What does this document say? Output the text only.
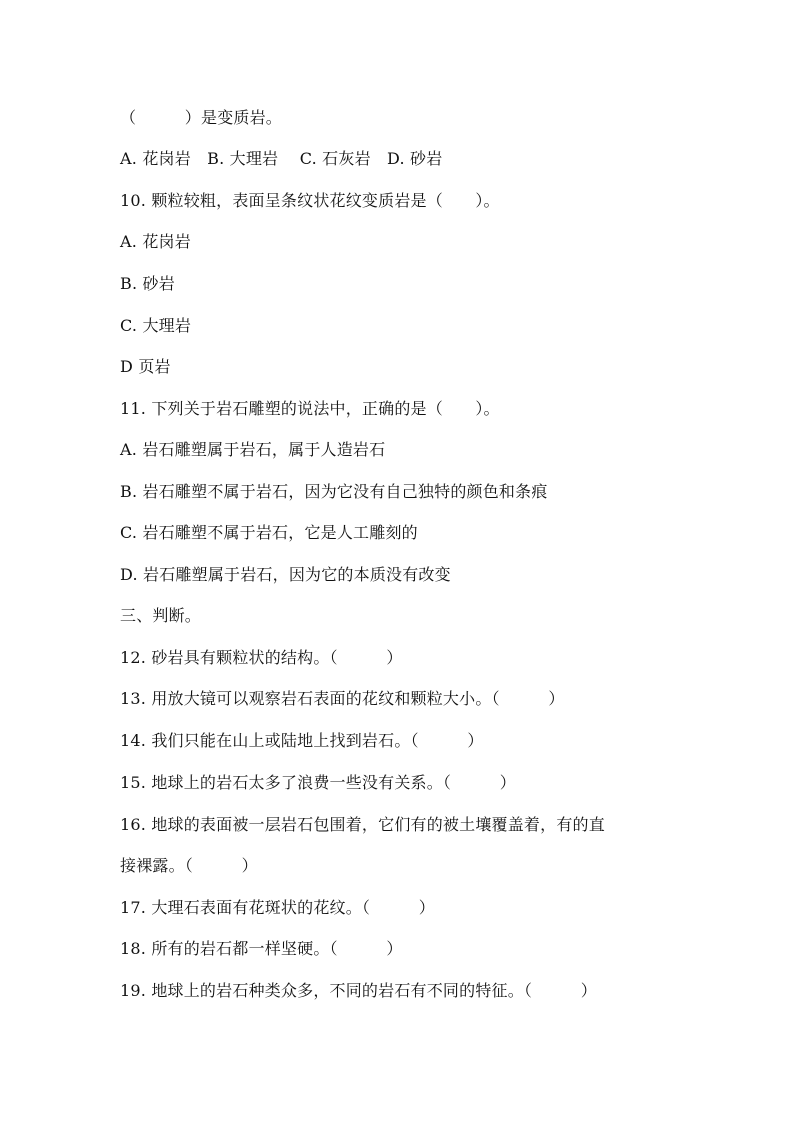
（　　　）是变质岩。
A. 花岗岩　B. 大理岩　 C. 石灰岩　D. 砂岩
10. 颗粒较粗，表面呈条纹状花纹变质岩是（　　）。
A. 花岗岩
B. 砂岩
C. 大理岩
D 页岩
11. 下列关于岩石雕塑的说法中，正确的是（　　）。
A. 岩石雕塑属于岩石，属于人造岩石
B. 岩石雕塑不属于岩石，因为它没有自己独特的颜色和条痕
C. 岩石雕塑不属于岩石，它是人工雕刻的
D. 岩石雕塑属于岩石，因为它的本质没有改变
三、判断。
12. 砂岩具有颗粒状的结构。（　　　）
13. 用放大镜可以观察岩石表面的花纹和颗粒大小。（　　　）
14. 我们只能在山上或陆地上找到岩石。（　　　）
15. 地球上的岩石太多了浪费一些没有关系。（　　　）
16. 地球的表面被一层岩石包围着，它们有的被土壤覆盖着，有的直
接裸露。（　　　）
17. 大理石表面有花斑状的花纹。（　　　）
18. 所有的岩石都一样坚硬。（　　　）
19. 地球上的岩石种类众多，不同的岩石有不同的特征。（　　　）
